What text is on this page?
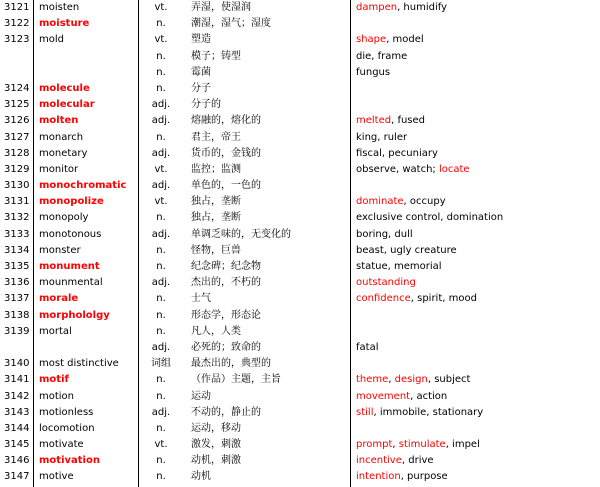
3121 moisten	vt.	弄湿，使湿润	dampen, humidify
3122 moisture	n.	潮湿，湿气；湿度
3123 mold	vt.	塑造	shape, model
n.	模子；铸型	die, frame
n.	霉菌	fungus
3124 molecule	n.	分子
3125 molecular	adj.	分子的
3126 molten	adj.	熔融的，熔化的	melted, fused
3127 monarch	n.	君主，帝王	king, ruler
3128 monetary	adj.	货币的，金钱的	fiscal, pecuniary
3129 monitor	vt.	监控；监测	observe, watch; locate
3130 monochromatic	adj.	单色的，一色的
3131 monopolize	vt.	独占，垄断	dominate, occupy
3132 monopoly	n.	独占，垄断	exclusive control, domination
3133 monotonous	adj.	单调乏味的，无变化的	boring, dull
3134 monster	n.	怪物，巨兽	beast, ugly creature
3135 monument	n.	纪念碑；纪念物	statue, memorial
3136 mounmental	adj.	杰出的，不朽的	outstanding
3137 morale	n.	士气	confidence, spirit, mood
3138 morphololgy	n.	形态学，形态论
3139 mortal	n.	凡人，人类
adj.	必死的；致命的	fatal
3140 most distinctive	词组	最杰出的，典型的
3141 motif	n.	（作品）主题，主旨	theme, design, subject
3142 motion	n.	运动	movement, action
3143 motionless	adj.	不动的，静止的	still, immobile, stationary
3144 locomotion	n.	运动，移动
3145 motivate	vt.	激发，刺激	prompt, stimulate, impel
3146 motivation	n.	动机，刺激	incentive, drive
3147 motive	n.	动机	intention, purpose
